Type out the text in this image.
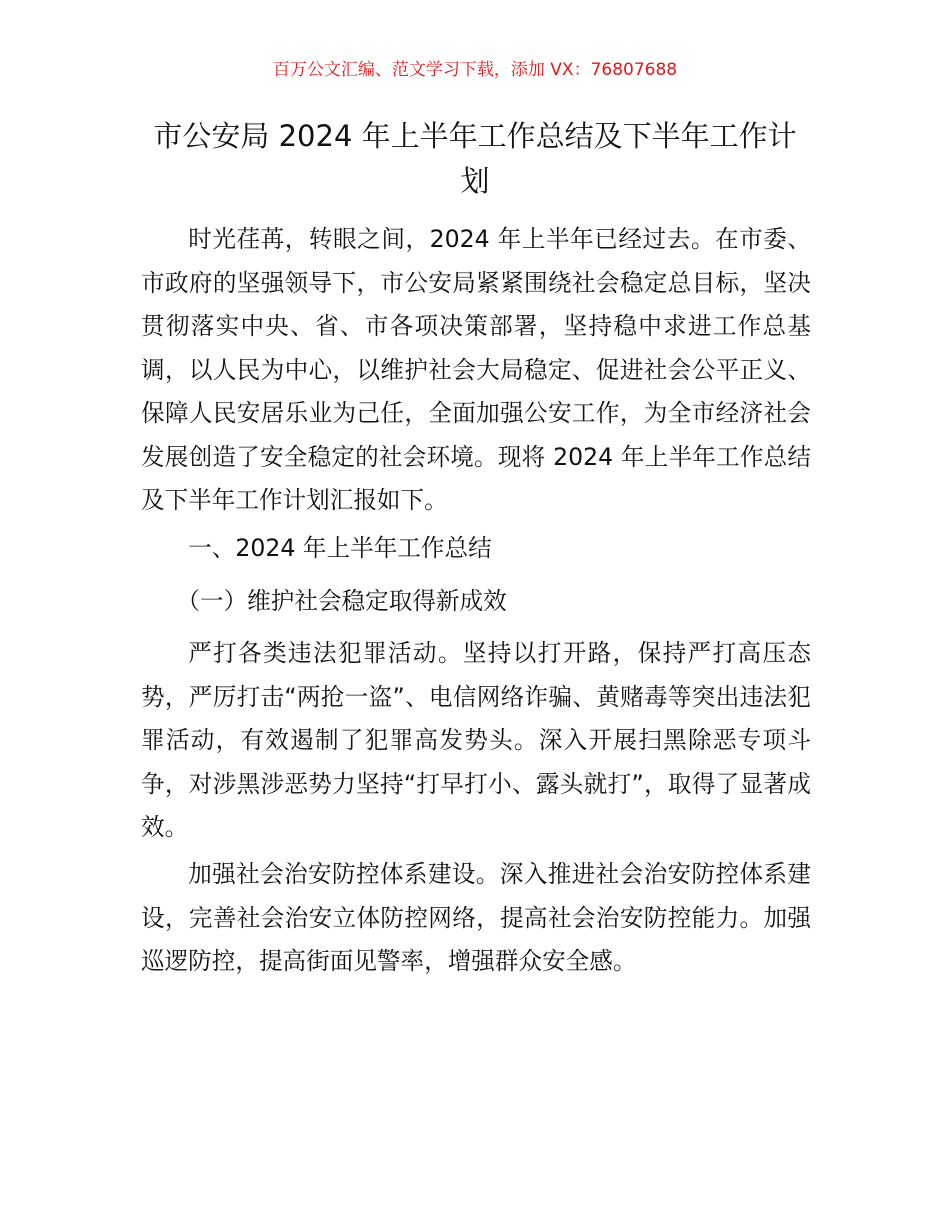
百万公文汇编、范文学习下载，添加 VX：76807688
市公安局 2024 年上半年工作总结及下半年工作计划

时光荏苒，转眼之间，2024 年上半年已经过去。在市委、市政府的坚强领导下，市公安局紧紧围绕社会稳定总目标，坚决贯彻落实中央、省、市各项决策部署，坚持稳中求进工作总基调，以人民为中心，以维护社会大局稳定、促进社会公平正义、保障人民安居乐业为己任，全面加强公安工作，为全市经济社会发展创造了安全稳定的社会环境。现将 2024 年上半年工作总结及下半年工作计划汇报如下。

一、2024 年上半年工作总结

（一）维护社会稳定取得新成效

严打各类违法犯罪活动。坚持以打开路，保持严打高压态势，严厉打击“两抢一盗”、电信网络诈骗、黄赌毒等突出违法犯罪活动，有效遏制了犯罪高发势头。深入开展扫黑除恶专项斗争，对涉黑涉恶势力坚持“打早打小、露头就打”，取得了显著成效。

加强社会治安防控体系建设。深入推进社会治安防控体系建设，完善社会治安立体防控网络，提高社会治安防控能力。加强巡逻防控，提高街面见警率，增强群众安全感。
